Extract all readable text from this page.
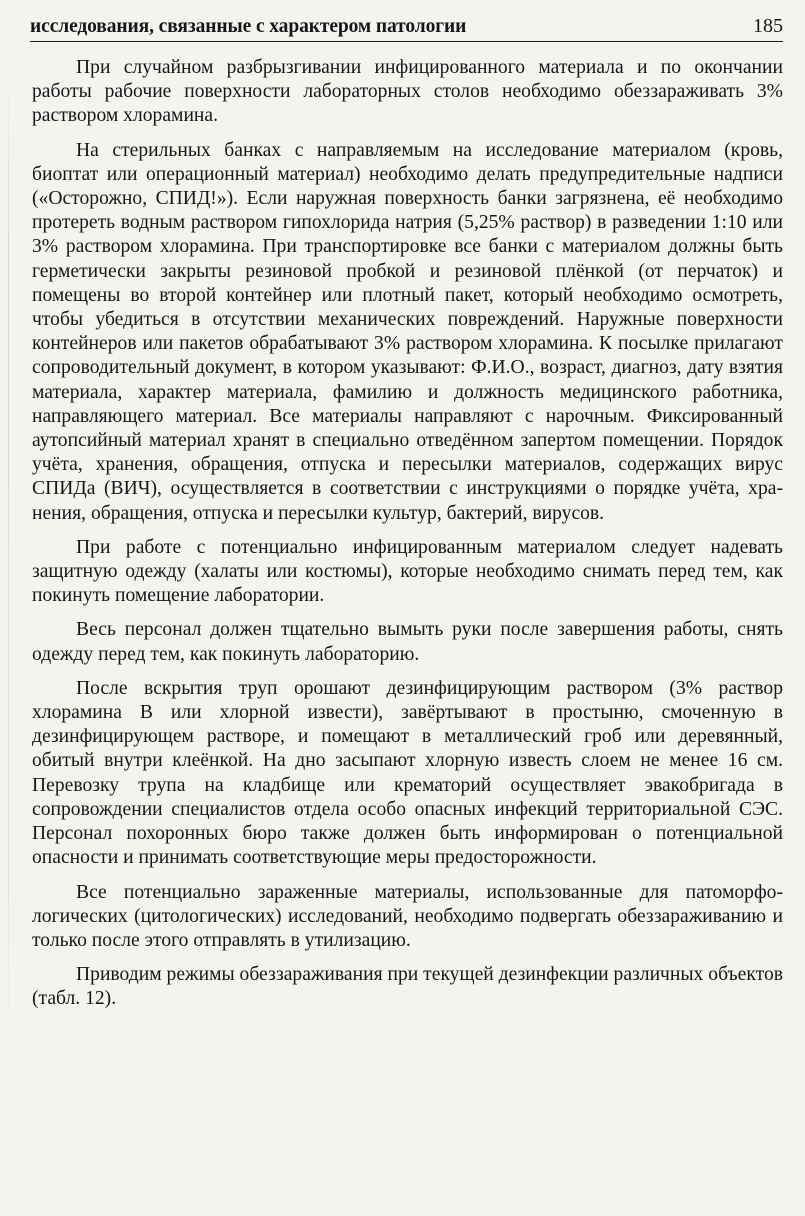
исследования, связанные с характером патологии	185

При случайном разбрызгивании инфицированного материала и по окончании работы рабочие поверхности лабораторных столов необходимо обеззараживать 3% раствором хлорамина.

На стерильных банках с направляемым на исследование материалом (кровь, биоптат или операционный материал) необходимо делать предупредительные надписи («Осторожно, СПИД!»). Если наружная поверхность банки загрязнена, её необходимо протереть водным раствором гипохлорида натрия (5,25% раствор) в разведении 1:10 или 3% раствором хлорамина. При транспортировке все банки с материалом должны быть герметически закрыты резиновой пробкой и резиновой плёнкой (от перчаток) и помещены во второй контейнер или плотный пакет, который необходимо осмотреть, чтобы убедиться в отсутствии механических повреждений. Наружные поверхности контейнеров или пакетов обрабатывают 3% раствором хлорамина. К посылке прилагают сопроводительный документ, в котором указывают: Ф.И.О., возраст, диагноз, дату взятия материала, характер материала, фамилию и должность медицинского работника, направляющего материал. Все материалы направляют с нарочным. Фиксированный аутопсийный материал хранят в специально отведённом запертом помещении. Порядок учёта, хранения, обращения, отпуска и пересылки материалов, содержащих вирус СПИДа (ВИЧ), осуществляется в соответствии с инструкциями о порядке учёта, хранения, обращения, отпуска и пересылки культур, бактерий, вирусов.

При работе с потенциально инфицированным материалом следует надевать защитную одежду (халаты или костюмы), которые необходимо снимать перед тем, как покинуть помещение лаборатории.

Весь персонал должен тщательно вымыть руки после завершения работы, снять одежду перед тем, как покинуть лабораторию.

После вскрытия труп орошают дезинфицирующим раствором (3% раствор хлорамина В или хлорной извести), завёртывают в простыню, смоченную в дезинфицирующем растворе, и помещают в металлический гроб или деревянный, обитый внутри клеёнкой. На дно засыпают хлорную известь слоем не менее 16 см. Перевозку трупа на кладбище или крематорий осуществляет эвакобригада в сопровождении специалистов отдела особо опасных инфекций территориальной СЭС. Персонал похоронных бюро также должен быть информирован о потенциальной опасности и принимать соответствующие меры предосторожности.

Все потенциально зараженные материалы, использованные для патоморфологических (цитологических) исследований, необходимо подвергать обеззараживанию и только после этого отправлять в утилизацию.

Приводим режимы обеззараживания при текущей дезинфекции различных объектов (табл. 12).
